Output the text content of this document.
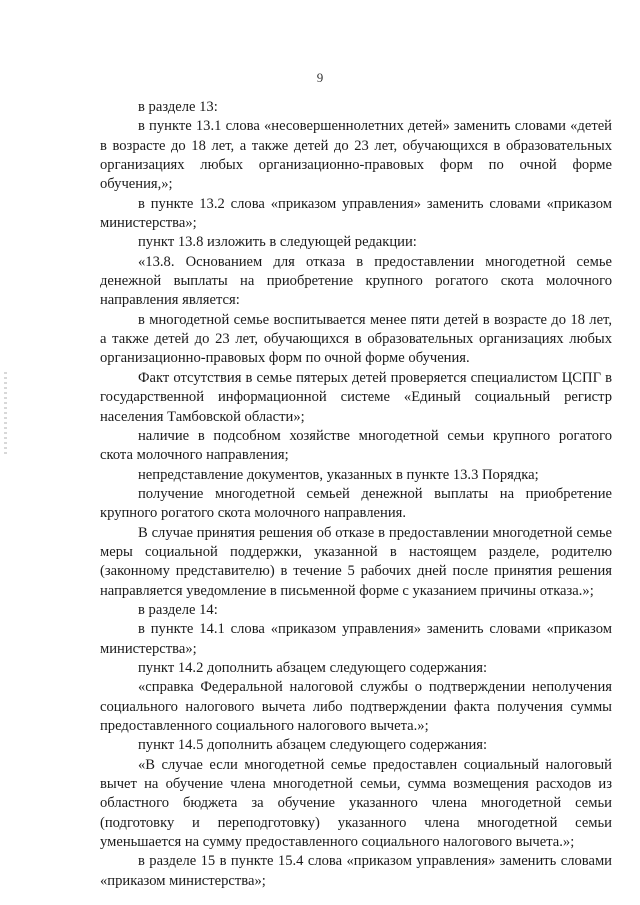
9

в разделе 13:

в пункте 13.1 слова «несовершеннолетних детей» заменить словами «детей в возрасте до 18 лет, а также детей до 23 лет, обучающихся в образовательных организациях любых организационно-правовых форм по очной форме обучения,»;

в пункте 13.2 слова «приказом управления» заменить словами «приказом министерства»;

пункт 13.8 изложить в следующей редакции:

«13.8. Основанием для отказа в предоставлении многодетной семье денежной выплаты на приобретение крупного рогатого скота молочного направления является:

в многодетной семье воспитывается менее пяти детей в возрасте до 18 лет, а также детей до 23 лет, обучающихся в образовательных организациях любых организационно-правовых форм по очной форме обучения.

Факт отсутствия в семье пятерых детей проверяется специалистом ЦСПГ в государственной информационной системе «Единый социальный регистр населения Тамбовской области»;

наличие в подсобном хозяйстве многодетной семьи крупного рогатого скота молочного направления;

непредставление документов, указанных в пункте 13.3 Порядка;

получение многодетной семьей денежной выплаты на приобретение крупного рогатого скота молочного направления.

В случае принятия решения об отказе в предоставлении многодетной семье меры социальной поддержки, указанной в настоящем разделе, родителю (законному представителю) в течение 5 рабочих дней после принятия решения направляется уведомление в письменной форме с указанием причины отказа.»;

в разделе 14:

в пункте 14.1 слова «приказом управления» заменить словами «приказом министерства»;

пункт 14.2 дополнить абзацем следующего содержания:

«справка Федеральной налоговой службы о подтверждении неполучения социального налогового вычета либо подтверждении факта получения суммы предоставленного социального налогового вычета.»;

пункт 14.5 дополнить абзацем следующего содержания:

«В случае если многодетной семье предоставлен социальный налоговый вычет на обучение члена многодетной семьи, сумма возмещения расходов из областного бюджета за обучение указанного члена многодетной семьи (подготовку и переподготовку) указанного члена многодетной семьи уменьшается на сумму предоставленного социального налогового вычета.»;

в разделе 15 в пункте 15.4 слова «приказом управления» заменить словами «приказом министерства»;
